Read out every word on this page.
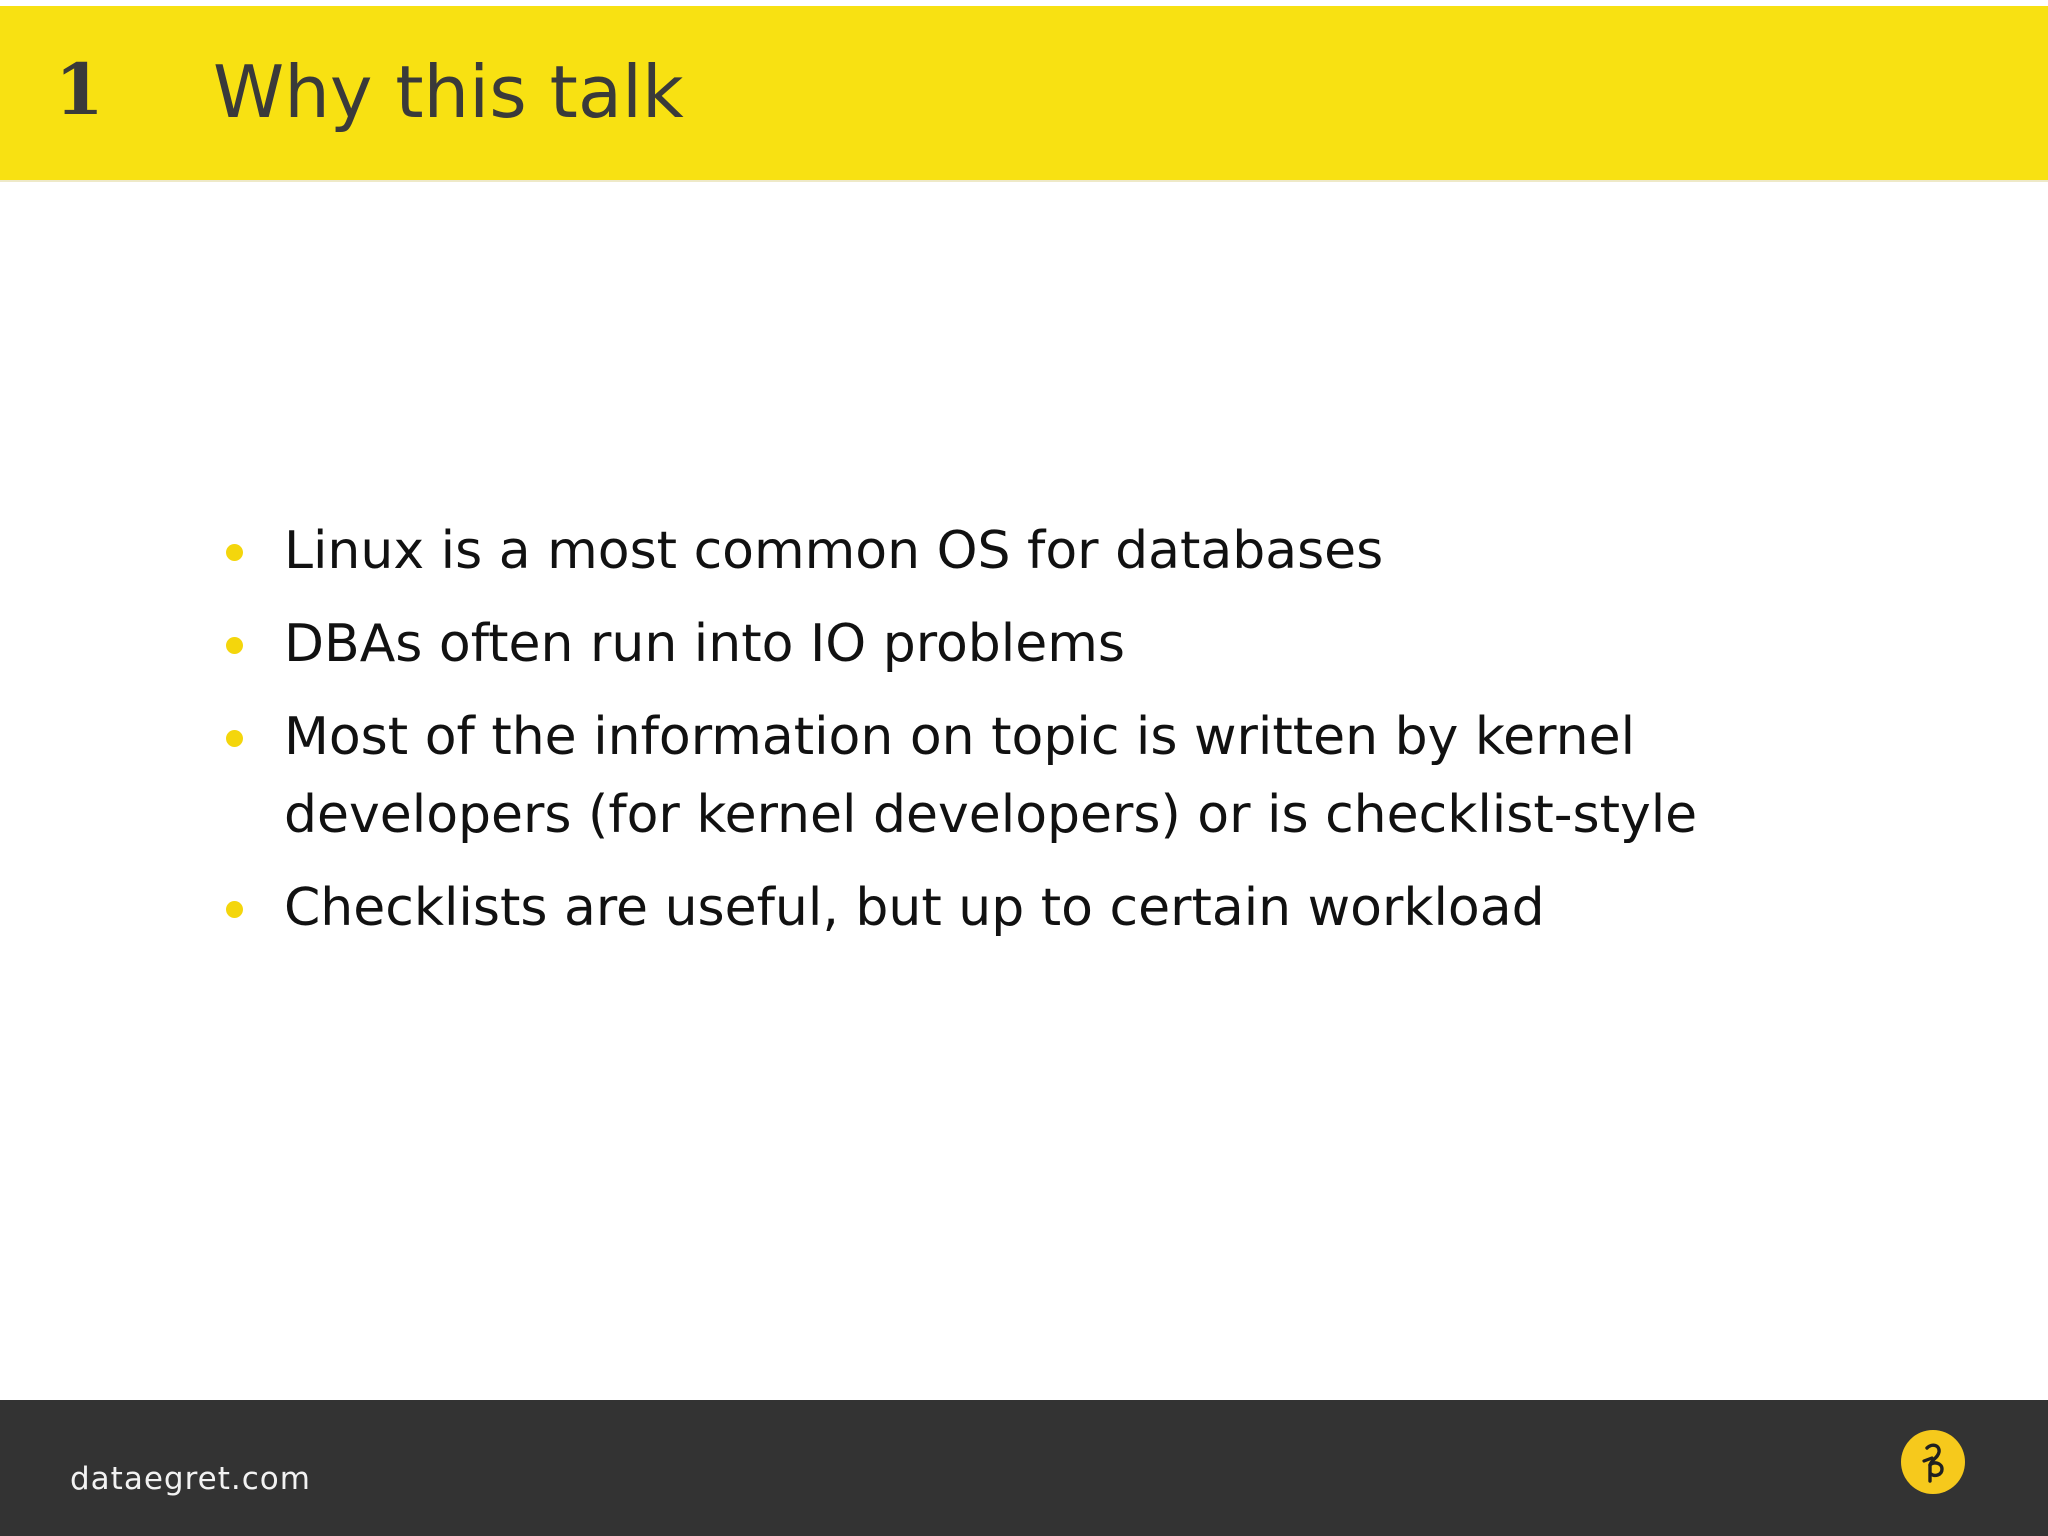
1 Why this talk
Linux is a most common OS for databases
DBAs often run into IO problems
Most of the information on topic is written by kernel developers (for kernel developers) or is checklist-style
Checklists are useful, but up to certain workload
dataegret.com
